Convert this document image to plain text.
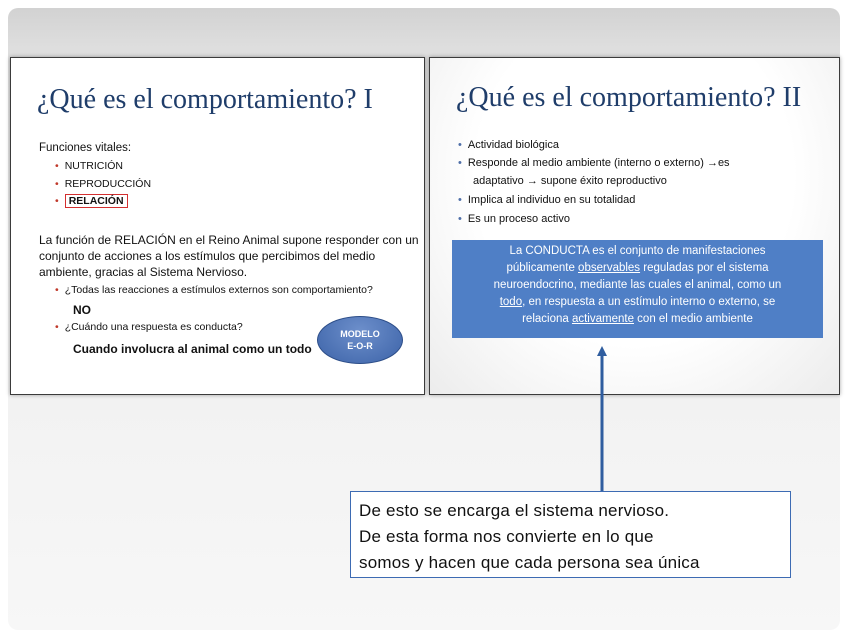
¿Qué es el comportamiento? I
Funciones vitales:
• NUTRICIÓN
• REPRODUCCIÓN
• RELACIÓN
La función de RELACIÓN en el Reino Animal supone responder con un conjunto de acciones a los estímulos que percibimos del medio ambiente, gracias al Sistema Nervioso.
• ¿Todas las reacciones a estímulos externos son comportamiento?
NO
• ¿Cuándo una respuesta es conducta?
Cuando involucra al animal como un todo
MODELO
E-O-R
¿Qué es el comportamiento? II
• Actividad biológica
• Responde al medio ambiente (interno o externo) →es
adaptativo → supone éxito reproductivo
• Implica al individuo en su totalidad
• Es un proceso activo
La CONDUCTA es el conjunto de manifestaciones
públicamente observables reguladas por el sistema
neuroendocrino, mediante las cuales el animal, como un
todo, en respuesta a un estímulo interno o externo, se
relaciona activamente con el medio ambiente
De esto se encarga el sistema nervioso.
De esta forma nos convierte en lo que
somos y hacen que cada persona sea única
